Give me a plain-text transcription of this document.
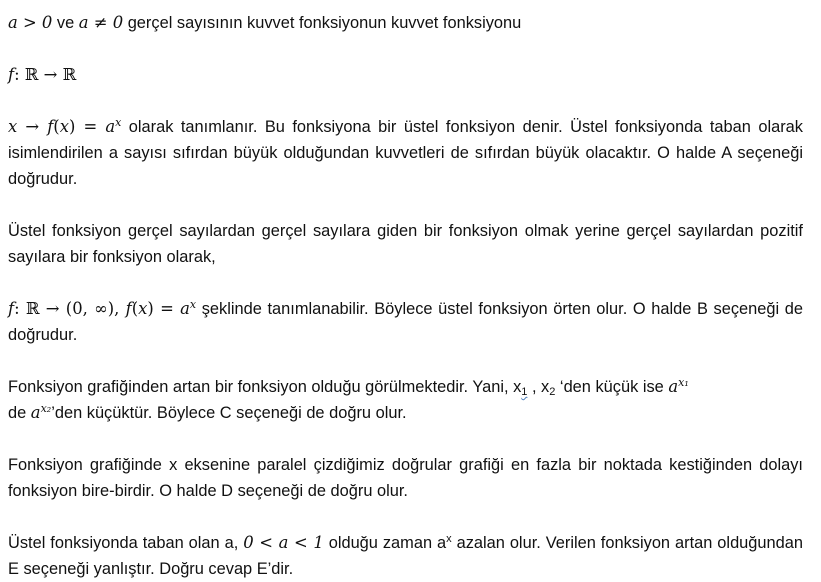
a > 0 ve a ≠ 0 gerçel sayısının kuvvet fonksiyonun kuvvet fonksiyonu

f: ℝ → ℝ

$x \to f(x) = a^x$ olarak tanımlanır. Bu fonksiyona bir üstel fonksiyon denir. Üstel fonksiyonda taban olarak isimlendirilen a sayısı sıfırdan büyük olduğundan kuvvetleri de sıfırdan büyük olacaktır. O halde A seçeneği doğrudur.

Üstel fonksiyon gerçel sayılardan gerçel sayılara giden bir fonksiyon olmak yerine gerçel sayılardan pozitif sayılara bir fonksiyon olarak,

f: ℝ → (0, ∞), $f(x) = a^x$ şeklinde tanımlanabilir. Böylece üstel fonksiyon örten olur. O halde B seçeneği de doğrudur.

Fonksiyon grafiğinden artan bir fonksiyon olduğu görülmektedir. Yani, $x_1$ , $x_2$ ‘den küçük ise $a^{x_1}$
de $a^{x_2}’den$ küçüktür. Böylece C seçeneği de doğru olur.

Fonksiyon grafiğinde x eksenine paralel çizdiğimiz doğrular grafiği en fazla bir noktada kestiğinden dolayı fonksiyon bire-birdir. O halde D seçeneği de doğru olur.

Üstel fonksiyonda taban olan a, 0 < a < 1 olduğu zaman $a^x$ azalan olur. Verilen fonksiyon artan olduğundan E seçeneği yanlıştır. Doğru cevap E’dir.
